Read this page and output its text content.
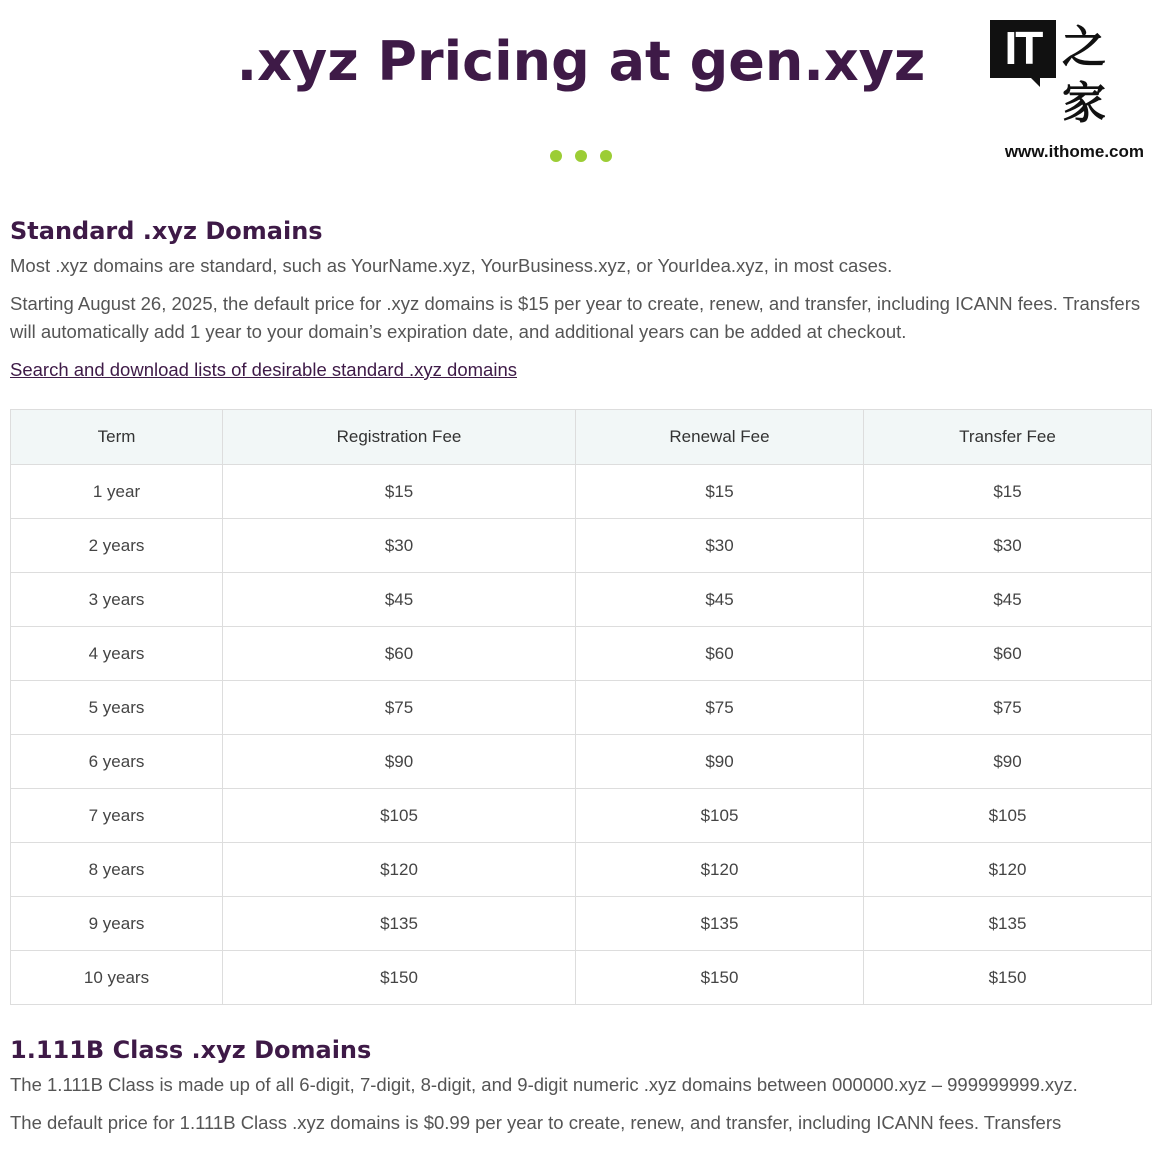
.xyz Pricing at gen.xyz	IT 之家
www.ithome.com
Standard .xyz Domains

Most .xyz domains are standard, such as YourName.xyz, YourBusiness.xyz, or YourIdea.xyz, in most cases.

Starting August 26, 2025, the default price for .xyz domains is $15 per year to create, renew, and transfer, including ICANN fees. Transfers will automatically add 1 year to your domain’s expiration date, and additional years can be added at checkout.

Search and download lists of desirable standard .xyz domains
Term	Registration Fee	Renewal Fee	Transfer Fee
1 year	$15	$15	$15
2 years	$30	$30	$30
3 years	$45	$45	$45
4 years	$60	$60	$60
5 years	$75	$75	$75
6 years	$90	$90	$90
7 years	$105	$105	$105
8 years	$120	$120	$120
9 years	$135	$135	$135
10 years	$150	$150	$150
1.111B Class .xyz Domains

The 1.111B Class is made up of all 6-digit, 7-digit, 8-digit, and 9-digit numeric .xyz domains between 000000.xyz – 999999999.xyz.

The default price for 1.111B Class .xyz domains is $0.99 per year to create, renew, and transfer, including ICANN fees. Transfers
